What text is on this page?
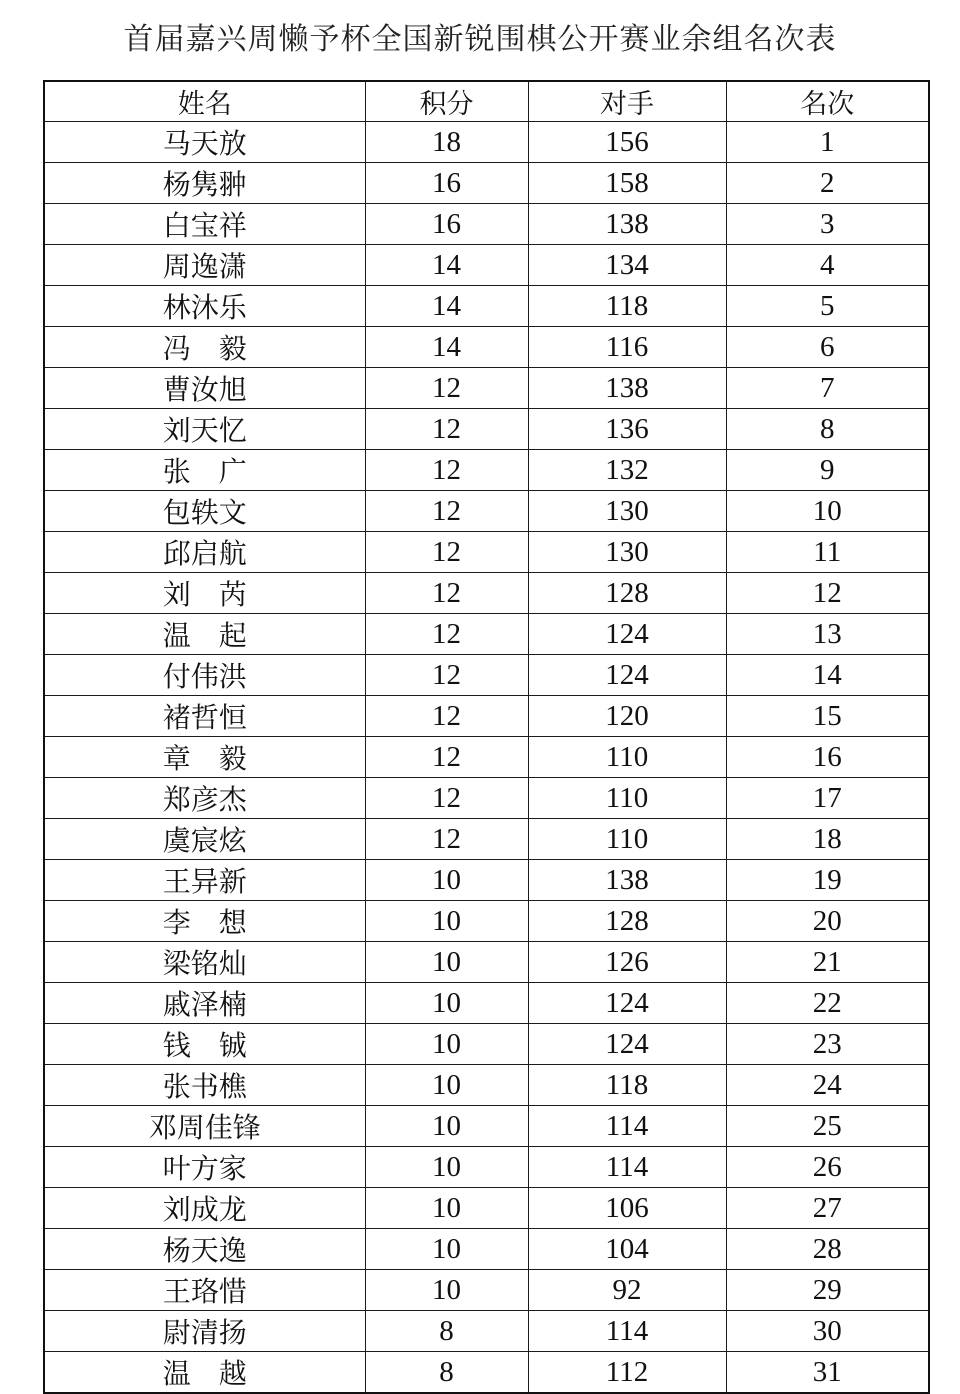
首届嘉兴周懒予杯全国新锐围棋公开赛业余组名次表
姓名	积分	对手	名次
马天放	18	156	1
杨隽翀	16	158	2
白宝祥	16	138	3
周逸潇	14	134	4
林沐乐	14	118	5
冯　毅	14	116	6
曹汝旭	12	138	7
刘天忆	12	136	8
张　广	12	132	9
包轶文	12	130	10
邱启航	12	130	11
刘　芮	12	128	12
温　起	12	124	13
付伟洪	12	124	14
褚哲恒	12	120	15
章　毅	12	110	16
郑彦杰	12	110	17
虞宸炫	12	110	18
王异新	10	138	19
李　想	10	128	20
梁铭灿	10	126	21
戚泽楠	10	124	22
钱　铖	10	124	23
张书樵	10	118	24
邓周佳锋	10	114	25
叶方家	10	114	26
刘成龙	10	106	27
杨天逸	10	104	28
王珞惜	10	92	29
尉清扬	8	114	30
温　越	8	112	31
